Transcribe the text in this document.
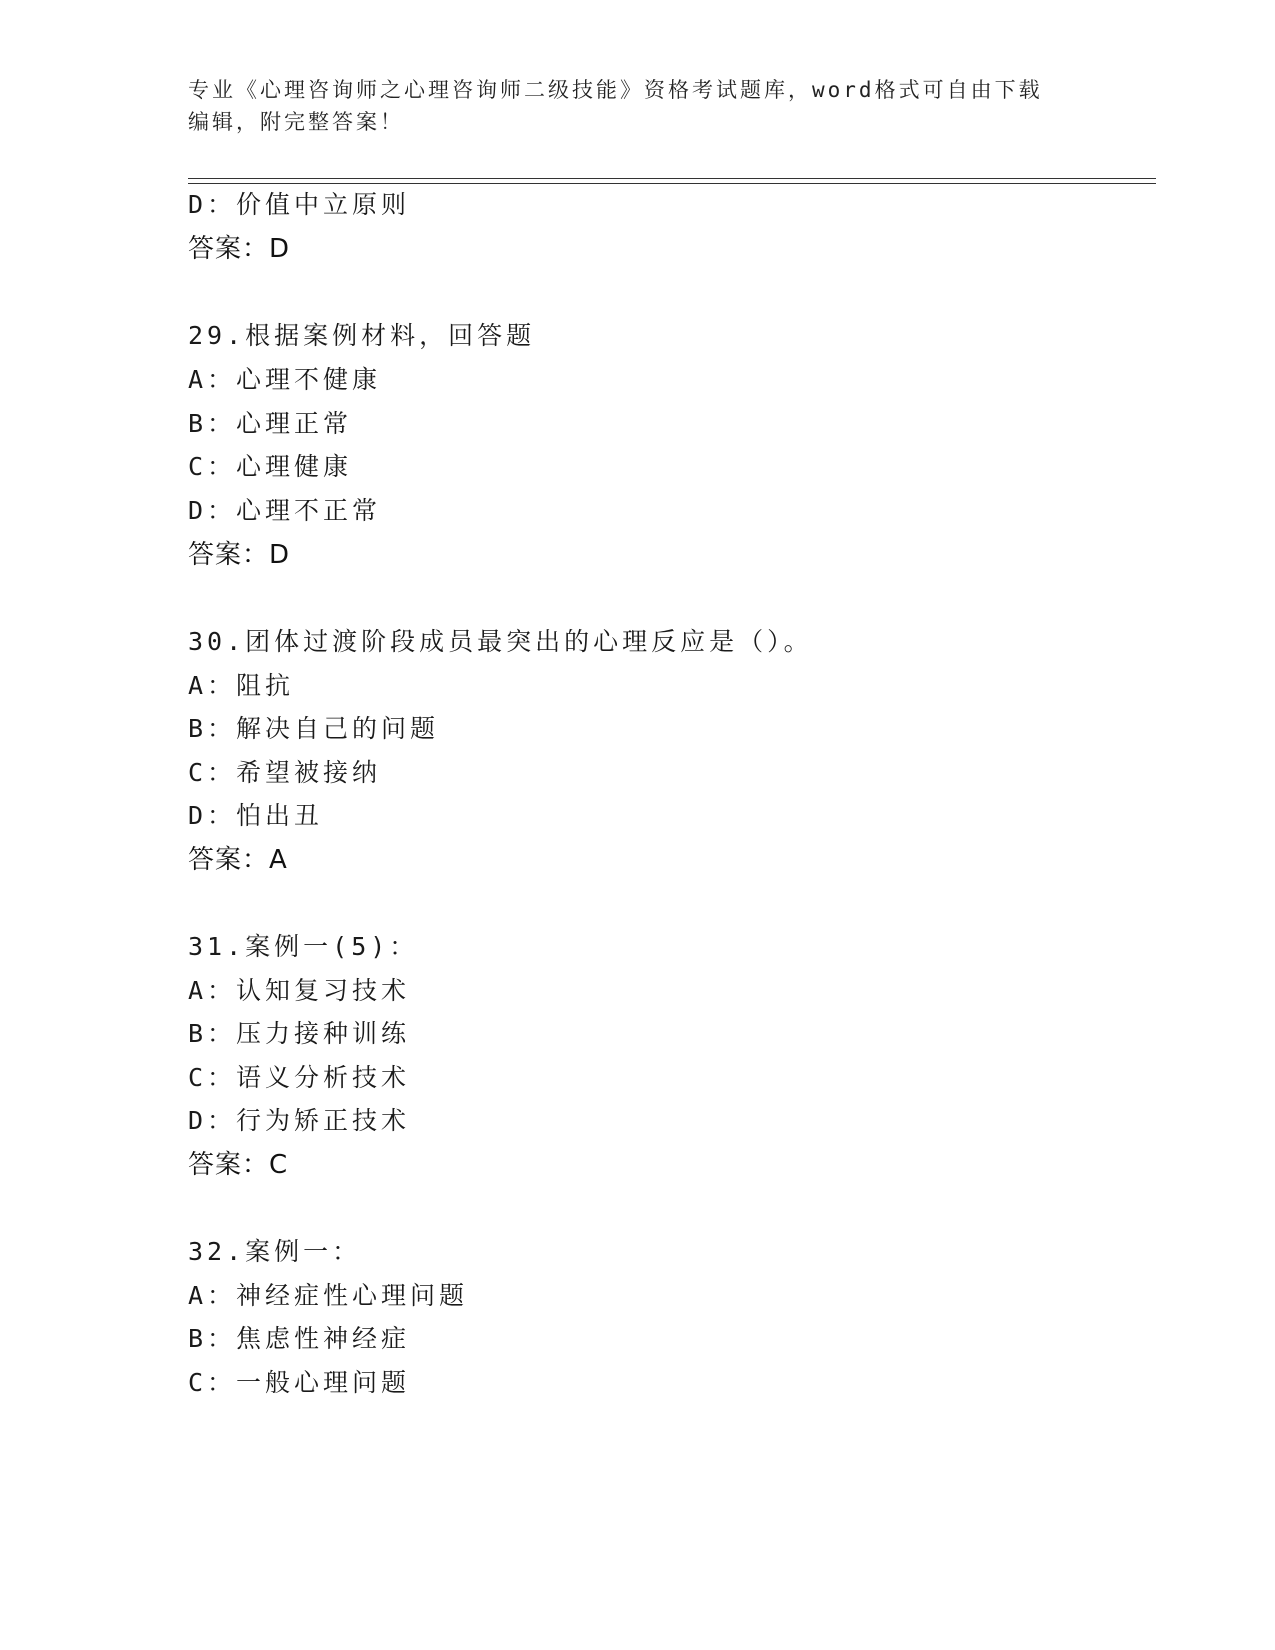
专业《心理咨询师之心理咨询师二级技能》资格考试题库，word格式可自由下载
编辑，附完整答案！
D：价值中立原则
答案：D
29.根据案例材料，回答题
A：心理不健康
B：心理正常
C：心理健康
D：心理不正常
答案：D
30.团体过渡阶段成员最突出的心理反应是（）。
A：阻抗
B：解决自己的问题
C：希望被接纳
D：怕出丑
答案：A
31.案例一(5)：
A：认知复习技术
B：压力接种训练
C：语义分析技术
D：行为矫正技术
答案：C
32.案例一：
A：神经症性心理问题
B：焦虑性神经症
C：一般心理问题
